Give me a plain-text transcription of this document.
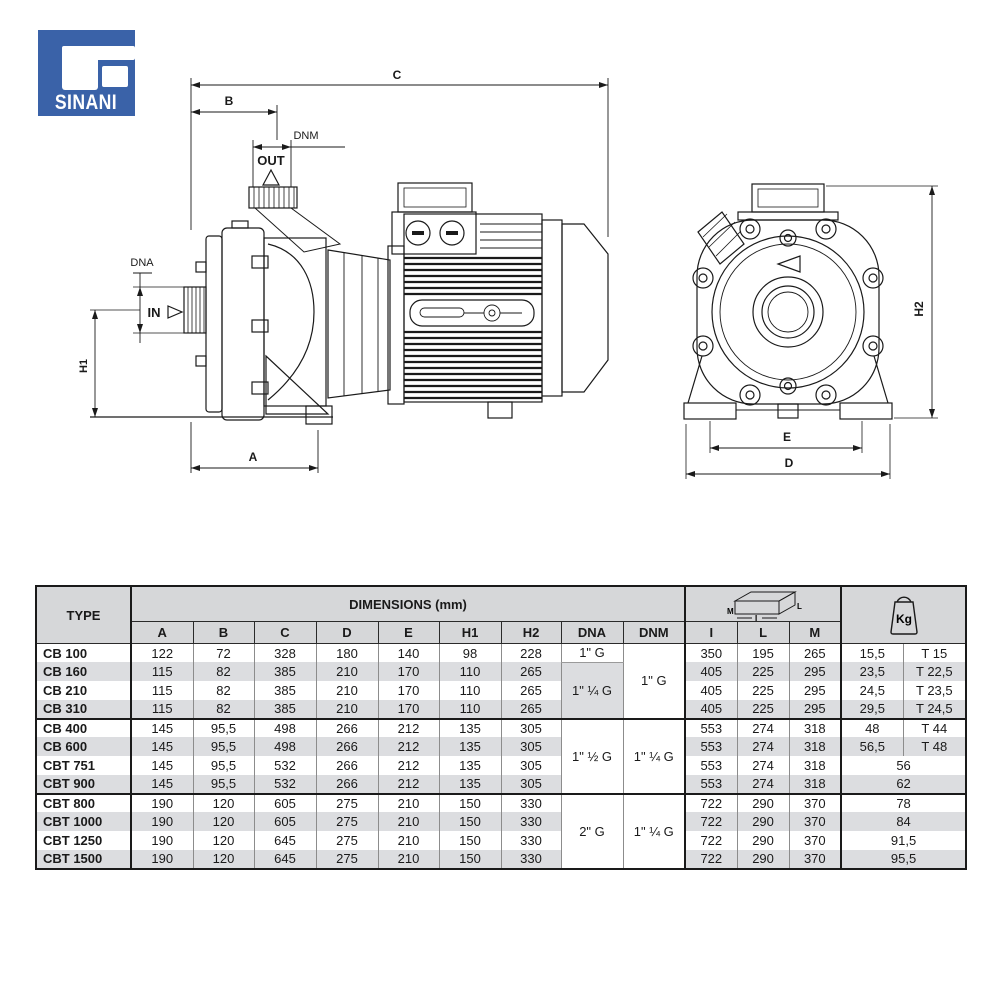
SINANI
C
B
DNM
OUT
DNA
IN
H1
A
H2
E
D
TYPE	DIMENSIONS (mm)									M
I
L			Kg	

	A	B	C	D	E	H1	H2	DNA	DNM	I	L	M		
CB 100	122	72	328	180	140	98	228	1" G	1" G	350	195	265	15,5	T 15
CB 160	115	82	385	210	170	110	265	1" ¼ G		405	225	295	23,5	T 22,5
CB 210	115	82	385	210	170	110	265			405	225	295	24,5	T 23,5
CB 310	115	82	385	210	170	110	265			405	225	295	29,5	T 24,5
CB 400	145	95,5	498	266	212	135	305	1" ½ G	1" ¼ G	553	274	318	48	T 44
CB 600	145	95,5	498	266	212	135	305			553	274	318	56,5	T 48
CBT 751	145	95,5	532	266	212	135	305			553	274	318	56	
CBT 900	145	95,5	532	266	212	135	305			553	274	318	62	
CBT 800	190	120	605	275	210	150	330	2" G	1" ¼ G	722	290	370	78	
CBT 1000	190	120	605	275	210	150	330			722	290	370	84	
CBT 1250	190	120	645	275	210	150	330			722	290	370	91,5	
CBT 1500	190	120	645	275	210	150	330			722	290	370	95,5	
